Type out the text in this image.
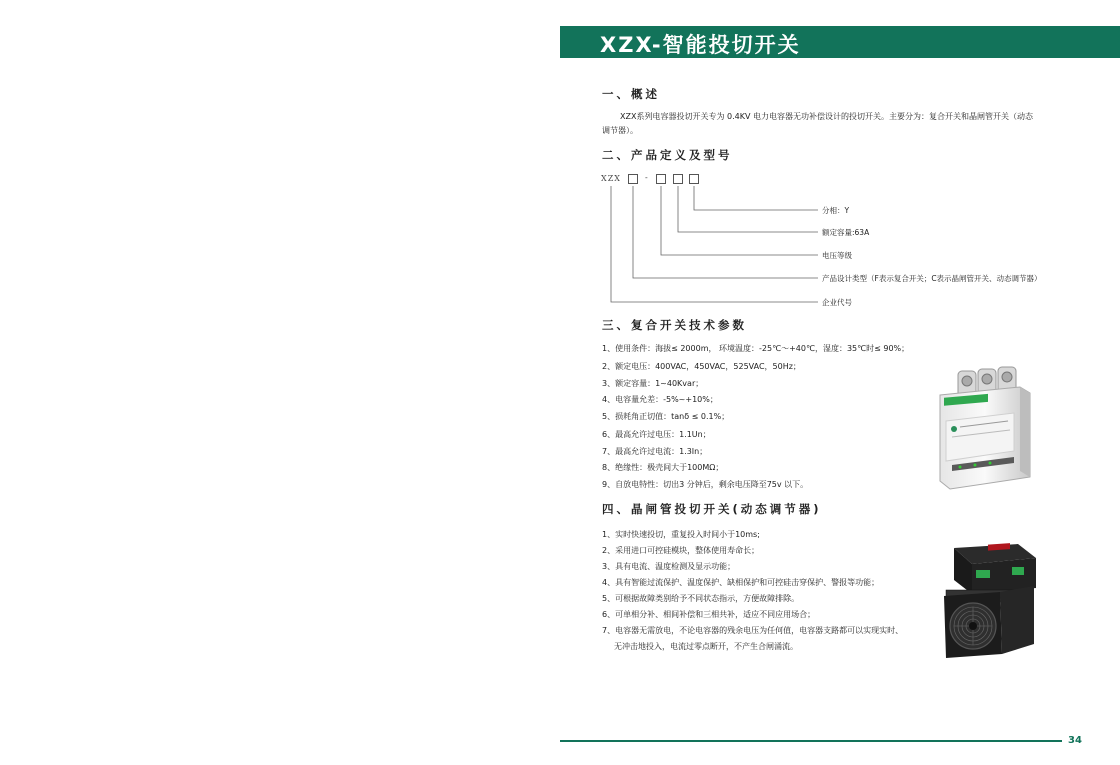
XZX-智能投切开关
一、概述
XZX系列电容器投切开关专为 0.4KV 电力电容器无功补偿设计的投切开关。主要分为：复合开关和晶闸管开关（动态
调节器）。
二、产品定义及型号
XZX	-
分相：Y
额定容量:63A
电压等级
产品设计类型（F表示复合开关；C表示晶闸管开关、动态调节器）
企业代号
三、复合开关技术参数
1、使用条件：海拔≤ 2000m， 环境温度：-25℃～+40℃，湿度：35℃时≤ 90%；
2、额定电压：400VAC，450VAC，525VAC，50Hz；
3、额定容量：1~40Kvar；
4、电容量允差：-5%~+10%；
5、损耗角正切值：tanδ ≤ 0.1%；
6、最高允许过电压：1.1Un；
7、最高允许过电流：1.3In；
8、绝缘性：极壳间大于100MΩ；
9、自放电特性：切出3 分钟后，剩余电压降至75v 以下。
四、晶闸管投切开关(动态调节器)
1、实时快速投切，重复投入时间小于10ms;
2、采用进口可控硅模块，整体使用寿命长；
3、具有电流、温度检测及显示功能；
4、具有智能过流保护、温度保护、缺相保护和可控硅击穿保护、警报等功能；
5、可根据故障类别给予不同状态指示，方便故障排除。
6、可单相分补、相间补偿和三相共补，适应不同应用场合；
7、电容器无需放电，不论电容器的残余电压为任何值，电容器支路都可以实现实时、
无冲击地投入，电流过零点断开，不产生合闸涌流。
34
